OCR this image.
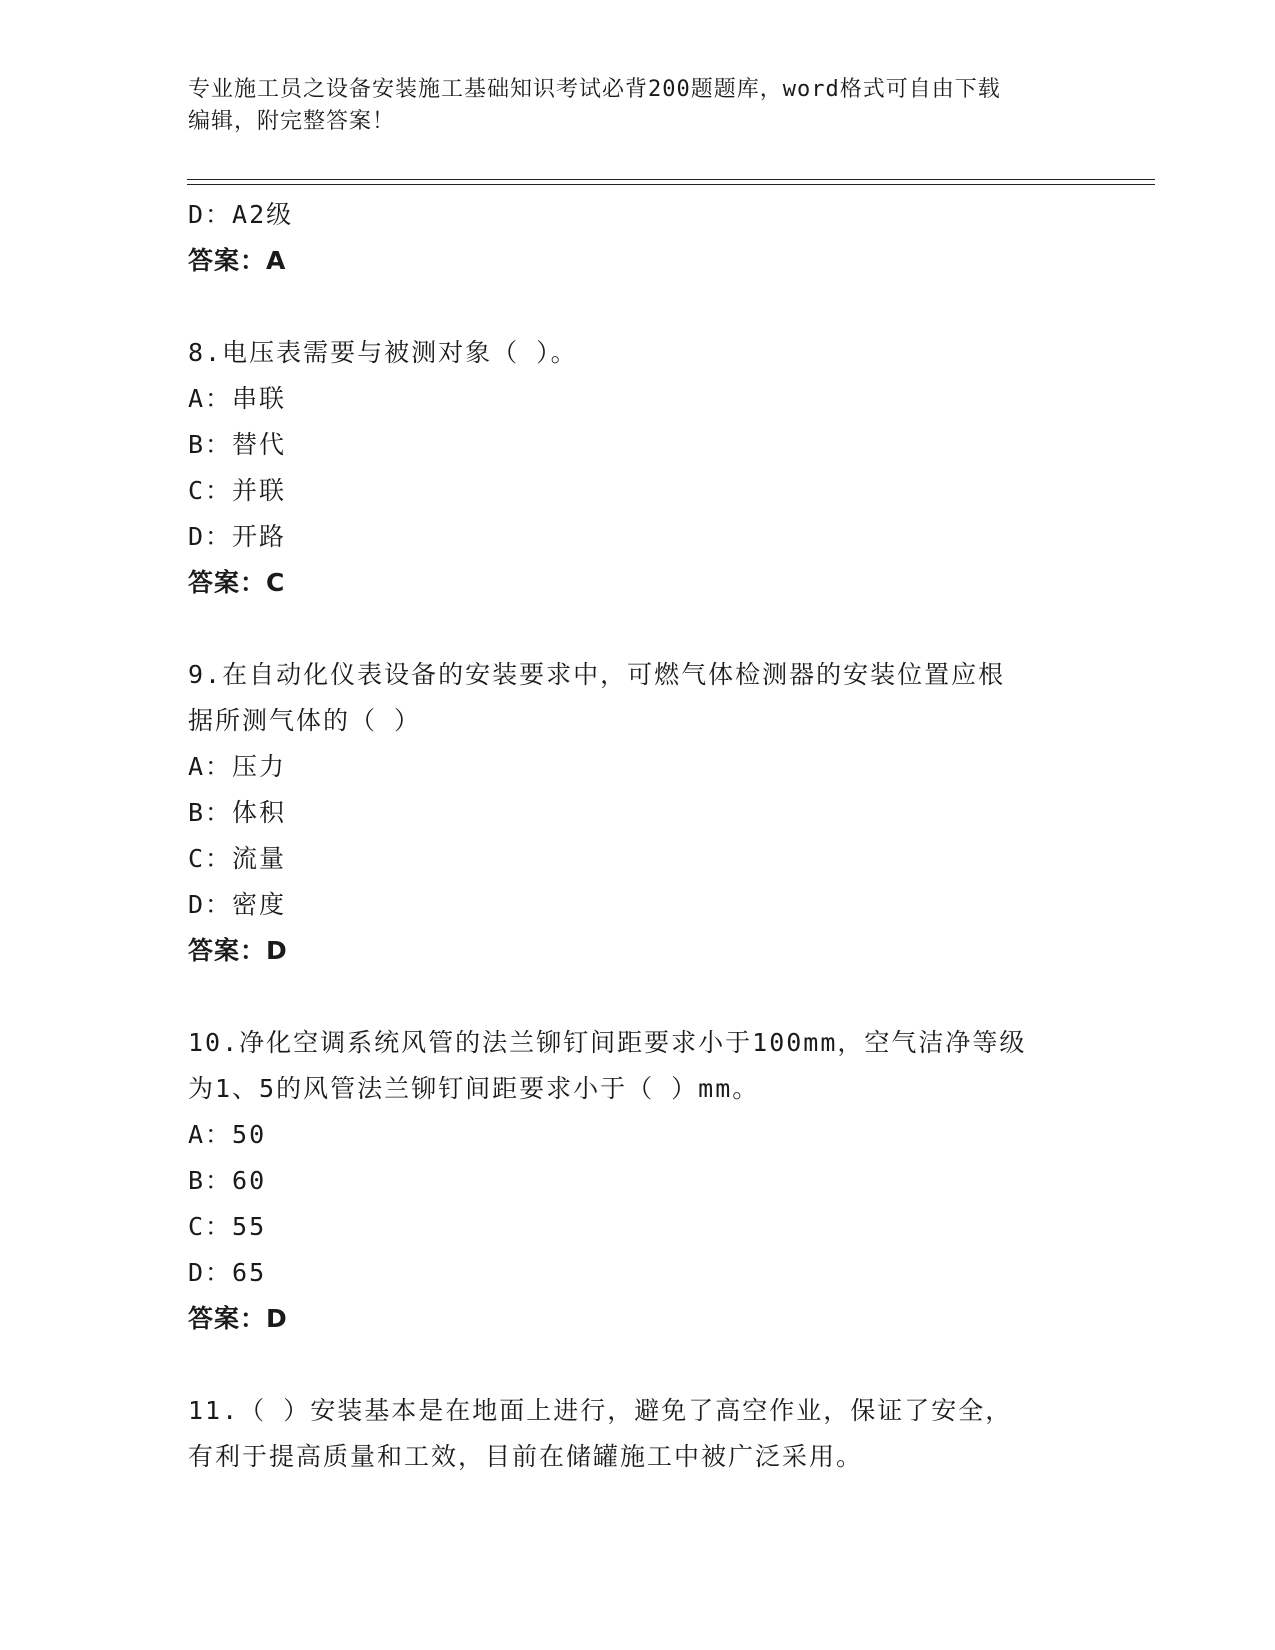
专业施工员之设备安装施工基础知识考试必背200题题库，word格式可自由下载
编辑，附完整答案！
D：A2级
答案：A
8.电压表需要与被测对象（ ）。
A：串联
B：替代
C：并联
D：开路
答案：C
9.在自动化仪表设备的安装要求中，可燃气体检测器的安装位置应根
据所测气体的（ ）
A：压力
B：体积
C：流量
D：密度
答案：D
10.净化空调系统风管的法兰铆钉间距要求小于100mm，空气洁净等级
为1、5的风管法兰铆钉间距要求小于（ ）mm。
A：50
B：60
C：55
D：65
答案：D
11.（ ）安装基本是在地面上进行，避免了高空作业，保证了安全，
有利于提高质量和工效，目前在储罐施工中被广泛采用。
